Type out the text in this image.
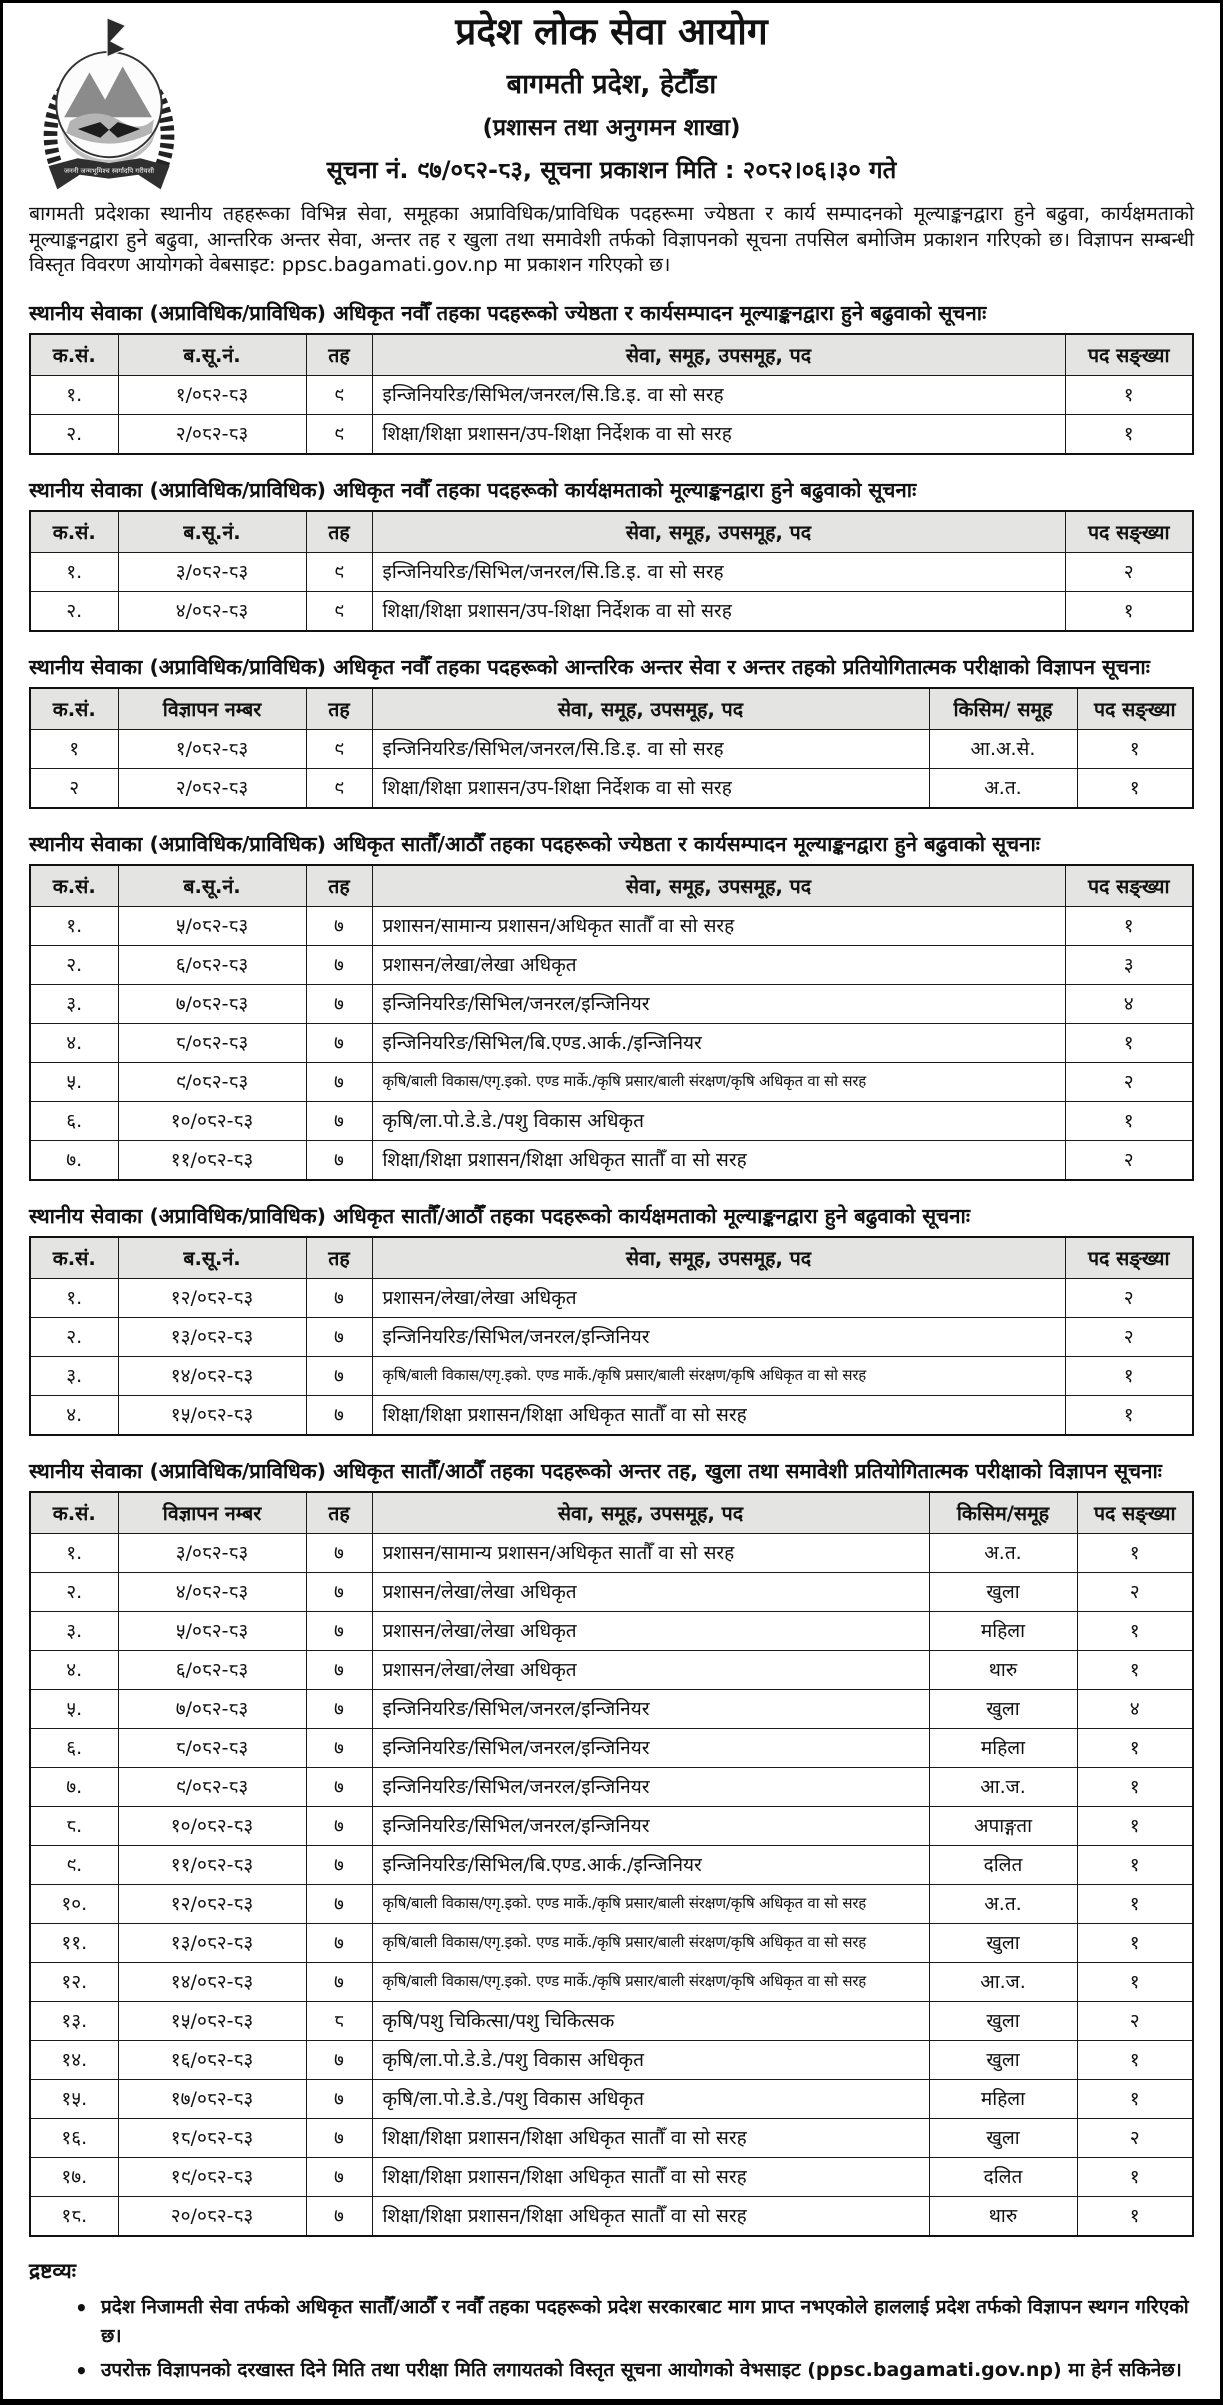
जननी जन्मभूमिश्च स्वर्गादपि गरीयसी
प्रदेश लोक सेवा आयोग
बागमती प्रदेश, हेटौँडा
(प्रशासन तथा अनुगमन शाखा)
सूचना नं. ९७/०८२-८३, सूचना प्रकाशन मिति : २०८२।०६।३० गते

बागमती प्रदेशका स्थानीय तहहरूका विभिन्न सेवा, समूहका अप्राविधिक/प्राविधिक पदहरूमा ज्येष्ठता र कार्य सम्पादनको मूल्याङ्कनद्वारा हुने बढुवा, कार्यक्षमताको मूल्याङ्कनद्वारा हुने बढुवा, आन्तरिक अन्तर सेवा, अन्तर तह र खुला तथा समावेशी तर्फको विज्ञापनको सूचना तपसिल बमोजिम प्रकाशन गरिएको छ। विज्ञापन सम्बन्धी विस्तृत विवरण आयोगको वेबसाइट: ppsc.bagamati.gov.np मा प्रकाशन गरिएको छ।

स्थानीय सेवाका (अप्राविधिक/प्राविधिक) अधिकृत नवौँ तहका पदहरूको ज्येष्ठता र कार्यसम्पादन मूल्याङ्कनद्वारा हुने बढुवाको सूचनाः
क.सं.	ब.सू.नं.	तह	सेवा, समूह, उपसमूह, पद	पद सङ्ख्या
१.	१/०८२-८३	९	इन्जिनियरिङ/सिभिल/जनरल/सि.डि.इ. वा सो सरह	१
२.	२/०८२-८३	९	शिक्षा/शिक्षा प्रशासन/उप-शिक्षा निर्देशक वा सो सरह	१
स्थानीय सेवाका (अप्राविधिक/प्राविधिक) अधिकृत नवौँ तहका पदहरूको कार्यक्षमताको मूल्याङ्कनद्वारा हुने बढुवाको सूचनाः
क.सं.	ब.सू.नं.	तह	सेवा, समूह, उपसमूह, पद	पद सङ्ख्या
१.	३/०८२-८३	९	इन्जिनियरिङ/सिभिल/जनरल/सि.डि.इ. वा सो सरह	२
२.	४/०८२-८३	९	शिक्षा/शिक्षा प्रशासन/उप-शिक्षा निर्देशक वा सो सरह	१
स्थानीय सेवाका (अप्राविधिक/प्राविधिक) अधिकृत नवौँ तहका पदहरूको आन्तरिक अन्तर सेवा र अन्तर तहको प्रतियोगितात्मक परीक्षाको विज्ञापन सूचनाः
क.सं.	विज्ञापन नम्बर	तह	सेवा, समूह, उपसमूह, पद	किसिम/ समूह	पद सङ्ख्या
१	१/०८२-८३	९	इन्जिनियरिङ/सिभिल/जनरल/सि.डि.इ. वा सो सरह	आ.अ.से.	१
२	२/०८२-८३	९	शिक्षा/शिक्षा प्रशासन/उप-शिक्षा निर्देशक वा सो सरह	अ.त.	१
स्थानीय सेवाका (अप्राविधिक/प्राविधिक) अधिकृत सातौँ/आठौँ तहका पदहरूको ज्येष्ठता र कार्यसम्पादन मूल्याङ्कनद्वारा हुने बढुवाको सूचनाः
क.सं.	ब.सू.नं.	तह	सेवा, समूह, उपसमूह, पद	पद सङ्ख्या
१.	५/०८२-८३	७	प्रशासन/सामान्य प्रशासन/अधिकृत सातौँ वा सो सरह	१
२.	६/०८२-८३	७	प्रशासन/लेखा/लेखा अधिकृत	३
३.	७/०८२-८३	७	इन्जिनियरिङ/सिभिल/जनरल/इन्जिनियर	४
४.	८/०८२-८३	७	इन्जिनियरिङ/सिभिल/बि.एण्ड.आर्क./इन्जिनियर	१
५.	९/०८२-८३	७	कृषि/बाली विकास/एगृ.इको. एण्ड मार्के./कृषि प्रसार/बाली संरक्षण/कृषि अधिकृत वा सो सरह	२
६.	१०/०८२-८३	७	कृषि/ला.पो.डे.डे./पशु विकास अधिकृत	१
७.	११/०८२-८३	७	शिक्षा/शिक्षा प्रशासन/शिक्षा अधिकृत सातौँ वा सो सरह	२
स्थानीय सेवाका (अप्राविधिक/प्राविधिक) अधिकृत सातौँ/आठौँ तहका पदहरूको कार्यक्षमताको मूल्याङ्कनद्वारा हुने बढुवाको सूचनाः
क.सं.	ब.सू.नं.	तह	सेवा, समूह, उपसमूह, पद	पद सङ्ख्या
१.	१२/०८२-८३	७	प्रशासन/लेखा/लेखा अधिकृत	२
२.	१३/०८२-८३	७	इन्जिनियरिङ/सिभिल/जनरल/इन्जिनियर	२
३.	१४/०८२-८३	७	कृषि/बाली विकास/एगृ.इको. एण्ड मार्के./कृषि प्रसार/बाली संरक्षण/कृषि अधिकृत वा सो सरह	१
४.	१५/०८२-८३	७	शिक्षा/शिक्षा प्रशासन/शिक्षा अधिकृत सातौँ वा सो सरह	१
स्थानीय सेवाका (अप्राविधिक/प्राविधिक) अधिकृत सातौँ/आठौँ तहका पदहरूको अन्तर तह, खुला तथा समावेशी प्रतियोगितात्मक परीक्षाको विज्ञापन सूचनाः
क.सं.	विज्ञापन नम्बर	तह	सेवा, समूह, उपसमूह, पद	किसिम/समूह	पद सङ्ख्या
१.	३/०८२-८३	७	प्रशासन/सामान्य प्रशासन/अधिकृत सातौँ वा सो सरह	अ.त.	१
२.	४/०८२-८३	७	प्रशासन/लेखा/लेखा अधिकृत	खुला	२
३.	५/०८२-८३	७	प्रशासन/लेखा/लेखा अधिकृत	महिला	१
४.	६/०८२-८३	७	प्रशासन/लेखा/लेखा अधिकृत	थारु	१
५.	७/०८२-८३	७	इन्जिनियरिङ/सिभिल/जनरल/इन्जिनियर	खुला	४
६.	८/०८२-८३	७	इन्जिनियरिङ/सिभिल/जनरल/इन्जिनियर	महिला	१
७.	९/०८२-८३	७	इन्जिनियरिङ/सिभिल/जनरल/इन्जिनियर	आ.ज.	१
८.	१०/०८२-८३	७	इन्जिनियरिङ/सिभिल/जनरल/इन्जिनियर	अपाङ्गता	१
९.	११/०८२-८३	७	इन्जिनियरिङ/सिभिल/बि.एण्ड.आर्क./इन्जिनियर	दलित	१
१०.	१२/०८२-८३	७	कृषि/बाली विकास/एगृ.इको. एण्ड मार्के./कृषि प्रसार/बाली संरक्षण/कृषि अधिकृत वा सो सरह	अ.त.	१
११.	१३/०८२-८३	७	कृषि/बाली विकास/एगृ.इको. एण्ड मार्के./कृषि प्रसार/बाली संरक्षण/कृषि अधिकृत वा सो सरह	खुला	१
१२.	१४/०८२-८३	७	कृषि/बाली विकास/एगृ.इको. एण्ड मार्के./कृषि प्रसार/बाली संरक्षण/कृषि अधिकृत वा सो सरह	आ.ज.	१
१३.	१५/०८२-८३	८	कृषि/पशु चिकित्सा/पशु चिकित्सक	खुला	२
१४.	१६/०८२-८३	७	कृषि/ला.पो.डे.डे./पशु विकास अधिकृत	खुला	१
१५.	१७/०८२-८३	७	कृषि/ला.पो.डे.डे./पशु विकास अधिकृत	महिला	१
१६.	१८/०८२-८३	७	शिक्षा/शिक्षा प्रशासन/शिक्षा अधिकृत सातौँ वा सो सरह	खुला	२
१७.	१९/०८२-८३	७	शिक्षा/शिक्षा प्रशासन/शिक्षा अधिकृत सातौँ वा सो सरह	दलित	१
१८.	२०/०८२-८३	७	शिक्षा/शिक्षा प्रशासन/शिक्षा अधिकृत सातौँ वा सो सरह	थारु	१
द्रष्टव्यः
• प्रदेश निजामती सेवा तर्फको अधिकृत सातौँ/आठौँ र नवौँ तहका पदहरूको प्रदेश सरकारबाट माग प्राप्त नभएकोले हाललाई प्रदेश तर्फको विज्ञापन स्थगन गरिएको छ।
• उपरोक्त विज्ञापनको दरखास्त दिने मिति तथा परीक्षा मिति लगायतको विस्तृत सूचना आयोगको वेभसाइट (ppsc.bagamati.gov.np) मा हेर्न सकिनेछ।
